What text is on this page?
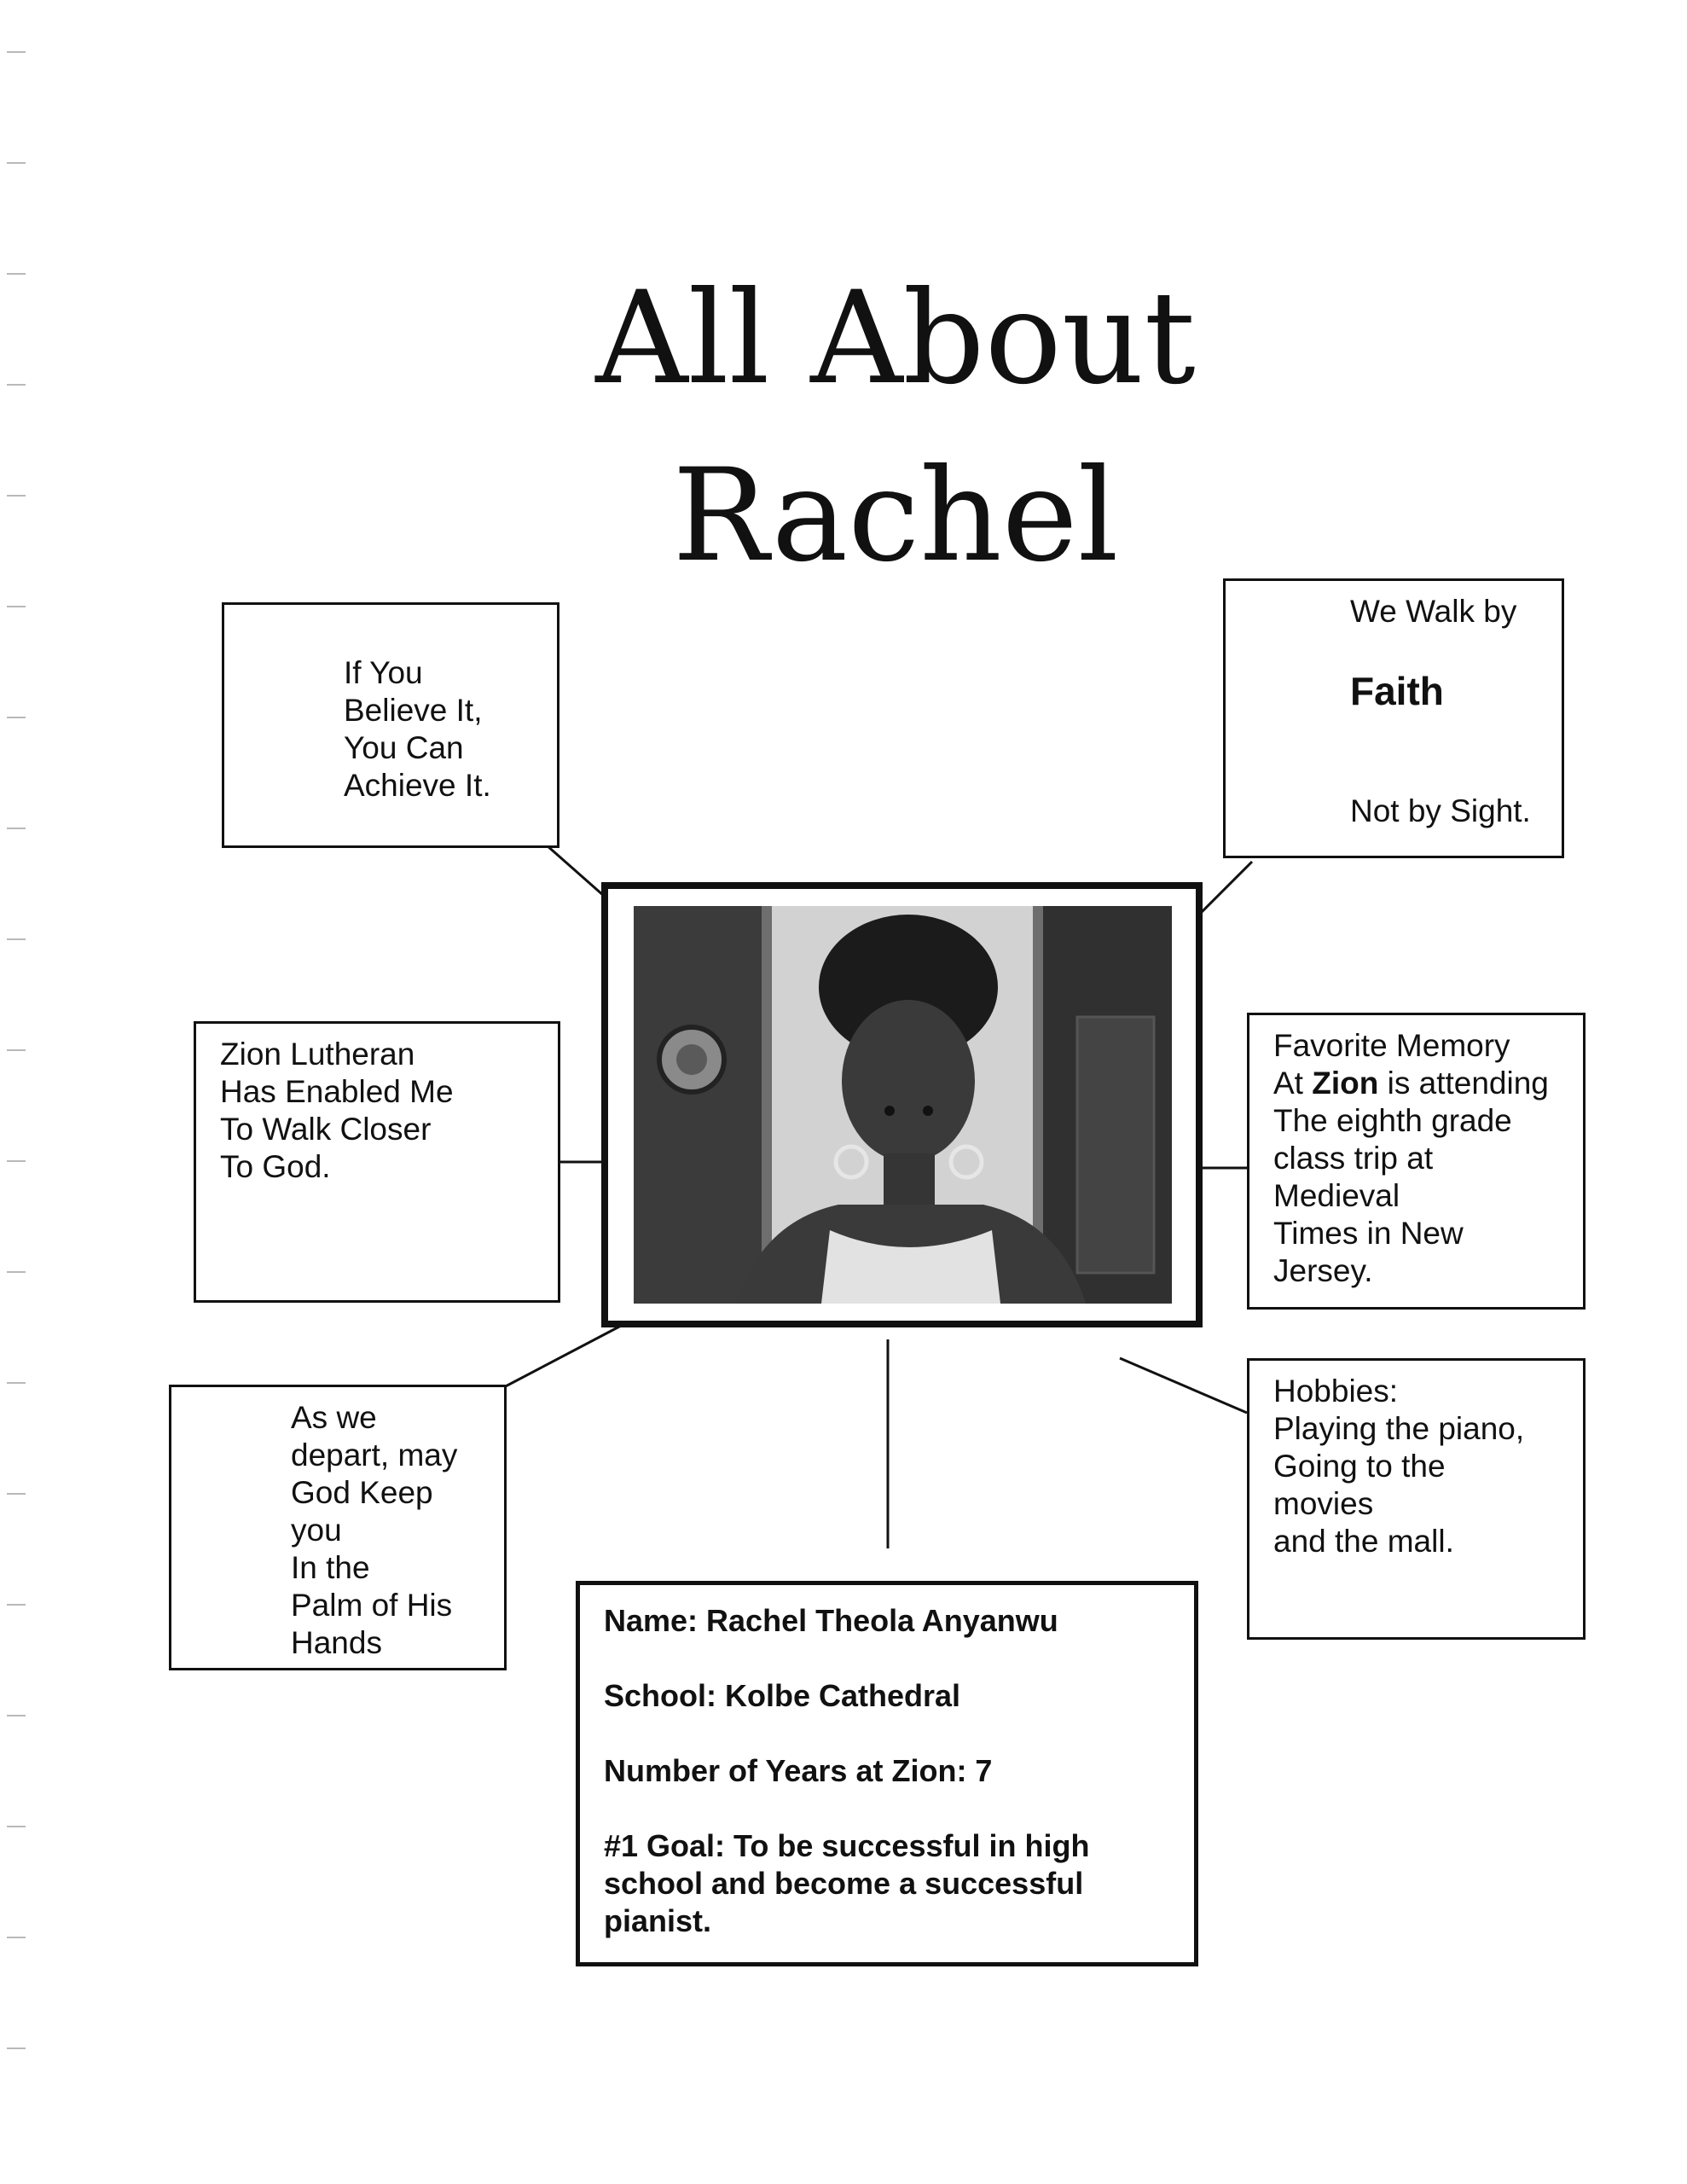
All About
Rachel
If You
Believe It,
You Can
Achieve It.
We Walk by
Faith
Not by Sight.
Zion Lutheran
Has Enabled Me
To Walk Closer
To God.
Favorite Memory
At Zion is attending
The eighth grade
class trip at
Medieval
Times in New
Jersey.
As we
depart, may
God Keep
you
In the
Palm of His
Hands
Hobbies:
Playing the piano,
Going to the
movies
and the mall.
Name: Rachel Theola Anyanwu
School: Kolbe Cathedral
Number of Years at Zion: 7
#1 Goal: To be successful in high
school and become a successful
pianist.
